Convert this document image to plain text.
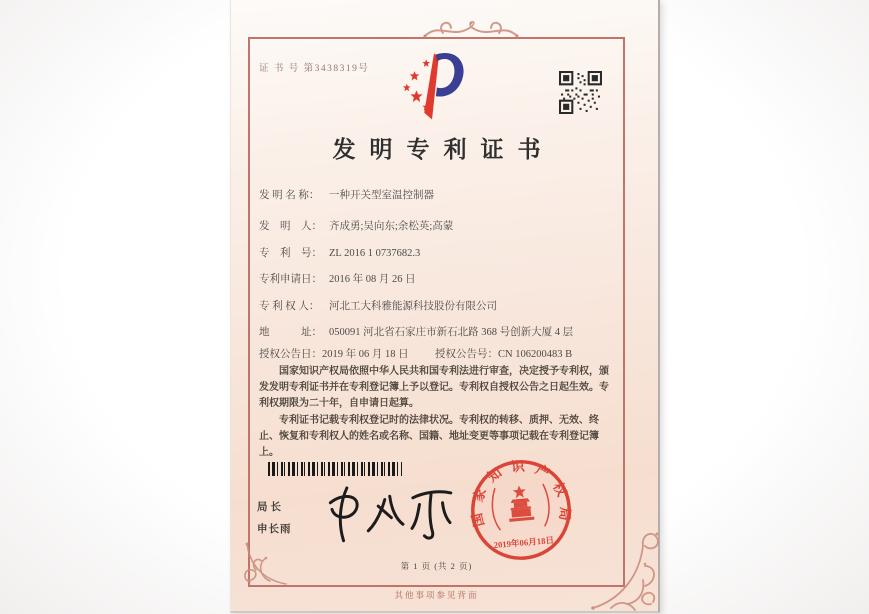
证 书 号 第3438319号
发明专利证书
发 明 名 称： 一种开关型室温控制器
发　明　人： 齐成勇;吴向东;余松英;高蒙
专　利　号： ZL 2016 1 0737682.3
专利申请日： 2016 年 08 月 26 日
专 利 权 人： 河北工大科雅能源科技股份有限公司
地　　　址： 050091 河北省石家庄市新石北路 368 号创新大厦 4 层
授权公告日：2019 年 06 月 18 日	授权公告号：CN 106200483 B

国家知识产权局依照中华人民共和国专利法进行审查，决定授予专利权，颁发发明专利证书并在专利登记簿上予以登记。专利权自授权公告之日起生效。专利权期限为二十年，自申请日起算。

专利证书记载专利权登记时的法律状况。专利权的转移、质押、无效、终止、恢复和专利权人的姓名或名称、国籍、地址变更等事项记载在专利登记簿上。

局长
申长雨
国
家
知 识 产
权
局
2019年06月18日
第 1 页 (共 2 页)
其他事项参见背面
